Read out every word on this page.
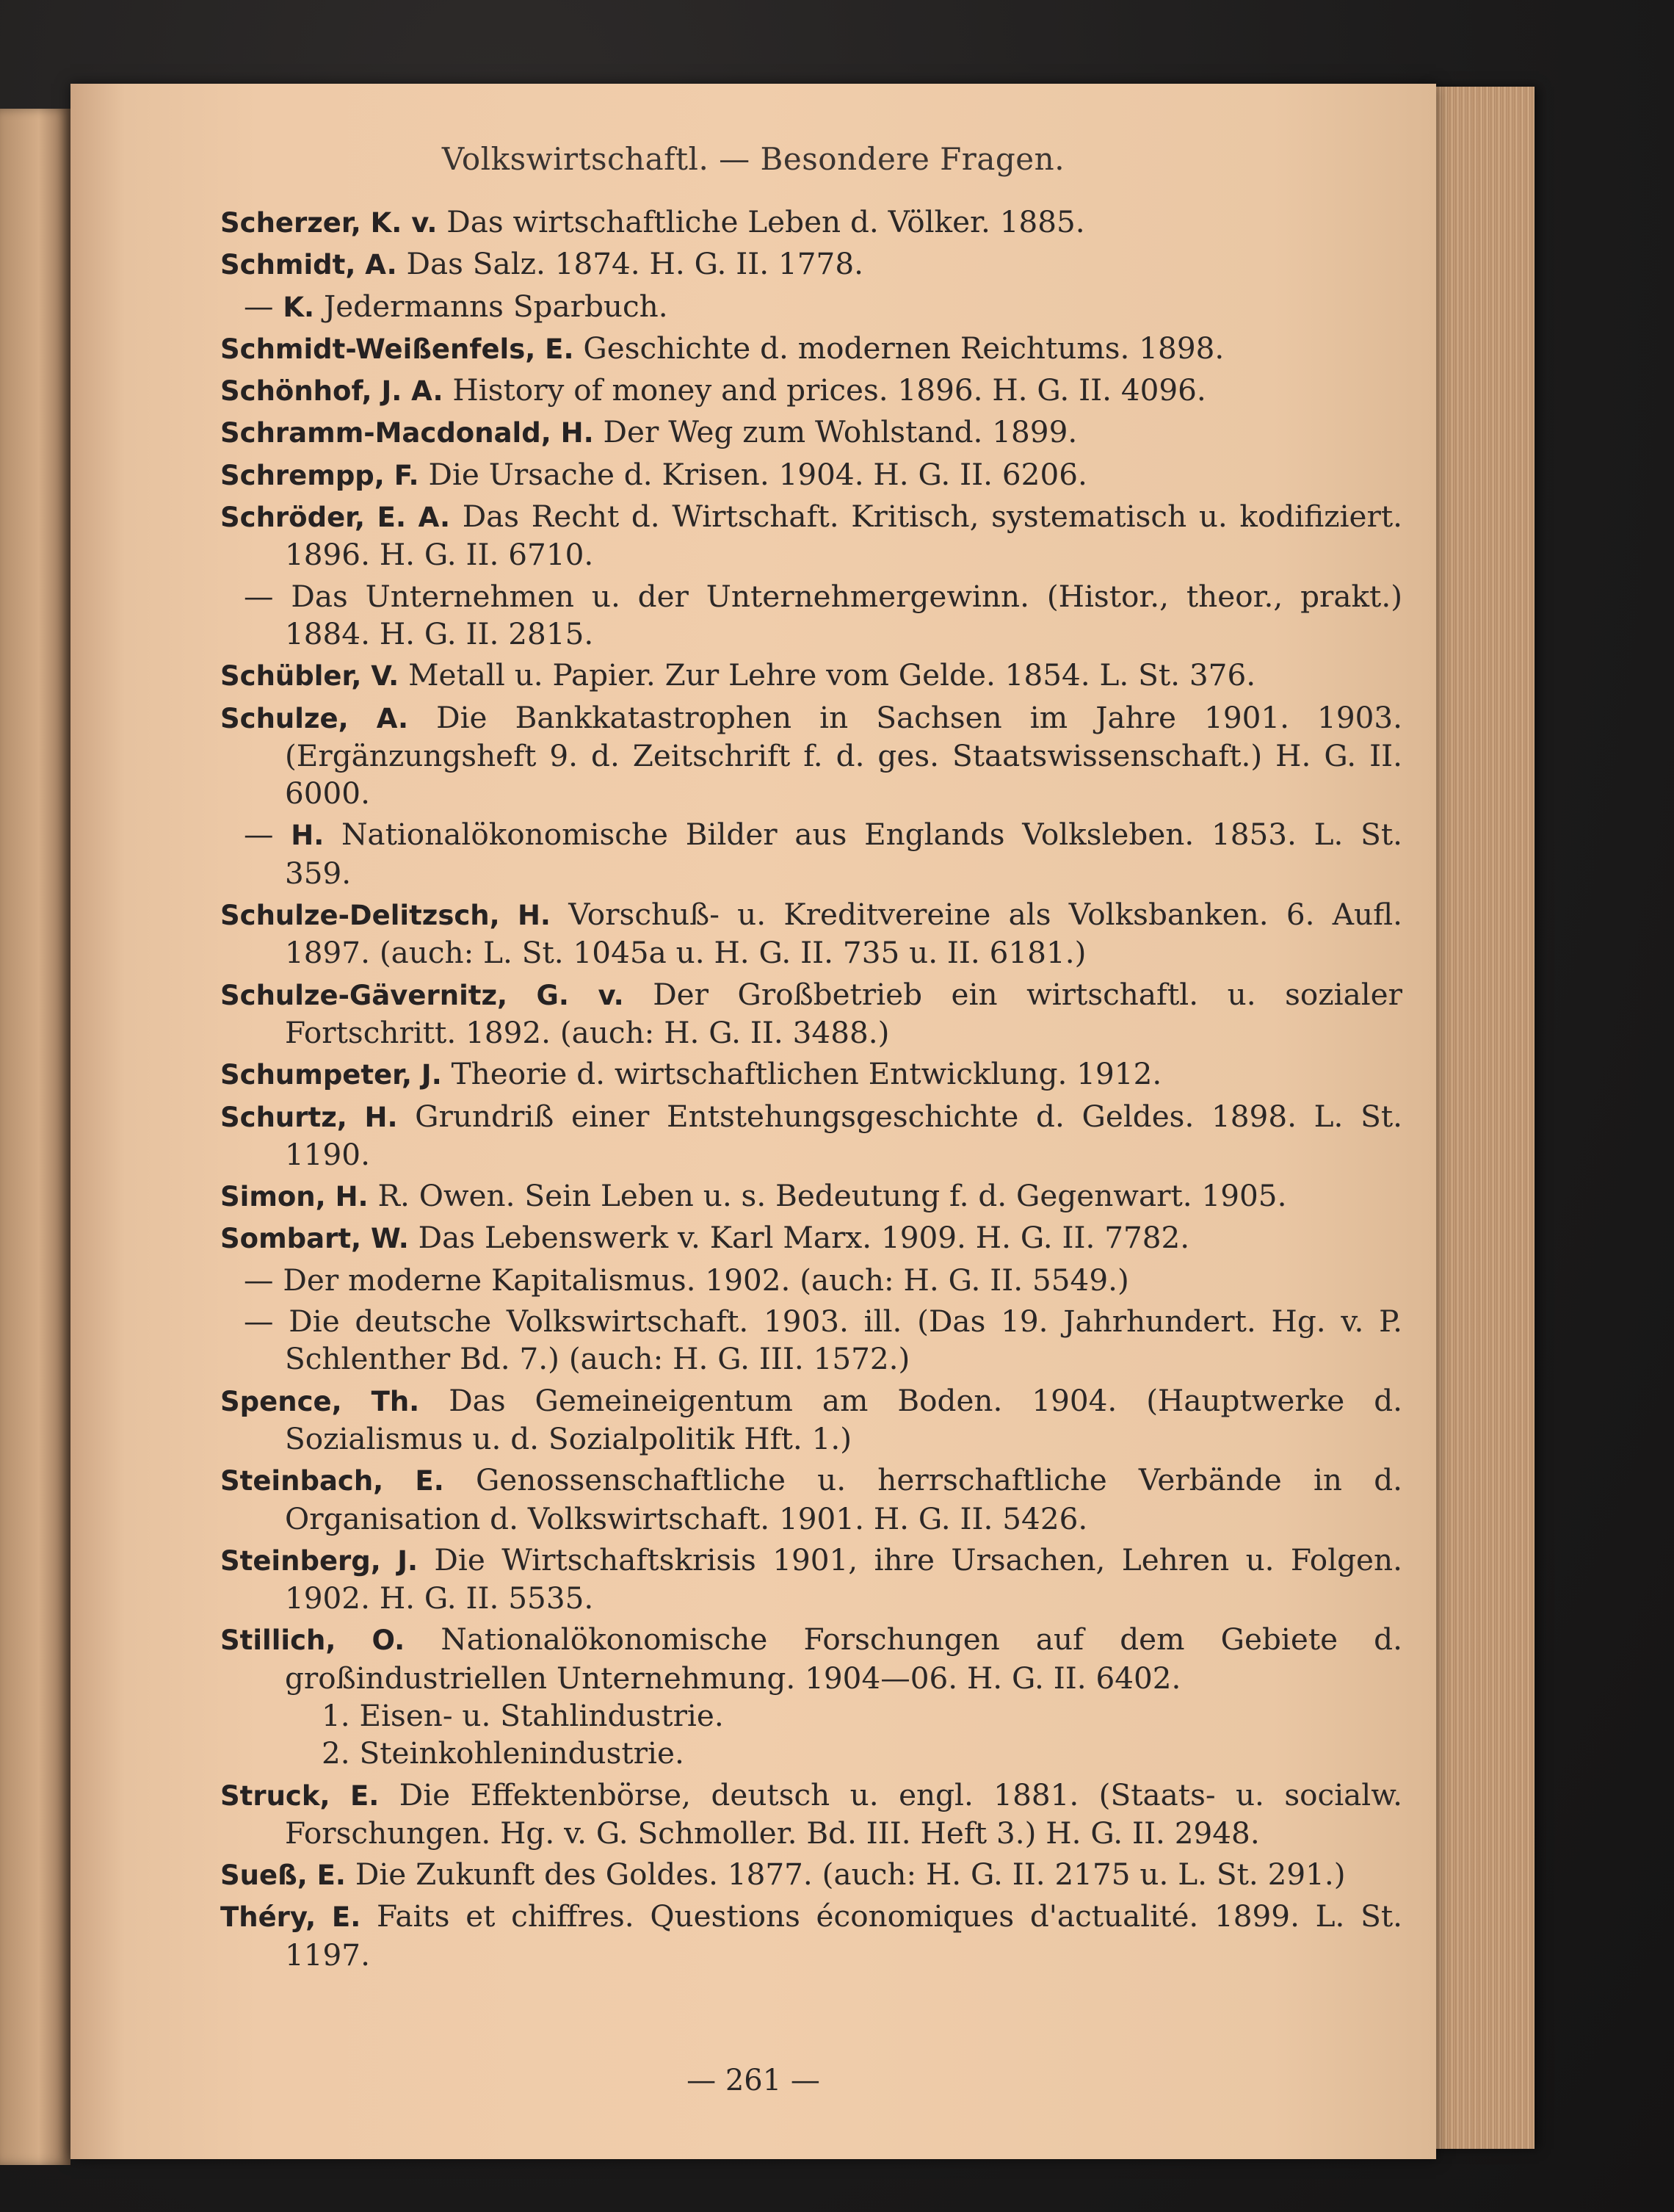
Volkswirtschaftl. — Besondere Fragen.
Scherzer, K. v. Das wirtschaftliche Leben d. Völker. 1885.
Schmidt, A. Das Salz. 1874. H. G. II. 1778.
— K. Jedermanns Sparbuch.
Schmidt-Weißenfels, E. Geschichte d. modernen Reichtums. 1898.
Schönhof, J. A. History of money and prices. 1896. H. G. II. 4096.
Schramm-Macdonald, H. Der Weg zum Wohlstand. 1899.
Schrempp, F. Die Ursache d. Krisen. 1904. H. G. II. 6206.
Schröder, E. A. Das Recht d. Wirtschaft. Kritisch, systematisch u. kodifiziert. 1896. H. G. II. 6710.
— Das Unternehmen u. der Unternehmergewinn. (Histor., theor., prakt.) 1884. H. G. II. 2815.
Schübler, V. Metall u. Papier. Zur Lehre vom Gelde. 1854. L. St. 376.
Schulze, A. Die Bankkatastrophen in Sachsen im Jahre 1901. 1903. (Ergänzungsheft 9. d. Zeitschrift f. d. ges. Staatswissenschaft.) H. G. II. 6000.
— H. Nationalökonomische Bilder aus Englands Volksleben. 1853. L. St. 359.
Schulze-Delitzsch, H. Vorschuß- u. Kreditvereine als Volksbanken. 6. Aufl. 1897. (auch: L. St. 1045a u. H. G. II. 735 u. II. 6181.)
Schulze-Gävernitz, G. v. Der Großbetrieb ein wirtschaftl. u. sozialer Fortschritt. 1892. (auch: H. G. II. 3488.)
Schumpeter, J. Theorie d. wirtschaftlichen Entwicklung. 1912.
Schurtz, H. Grundriß einer Entstehungsgeschichte d. Geldes. 1898. L. St. 1190.
Simon, H. R. Owen. Sein Leben u. s. Bedeutung f. d. Gegenwart. 1905.
Sombart, W. Das Lebenswerk v. Karl Marx. 1909. H. G. II. 7782.
— Der moderne Kapitalismus. 1902. (auch: H. G. II. 5549.)
— Die deutsche Volkswirtschaft. 1903. ill. (Das 19. Jahrhundert. Hg. v. P. Schlenther Bd. 7.) (auch: H. G. III. 1572.)
Spence, Th. Das Gemeineigentum am Boden. 1904. (Hauptwerke d. Sozialismus u. d. Sozialpolitik Hft. 1.)
Steinbach, E. Genossenschaftliche u. herrschaftliche Verbände in d. Organisation d. Volkswirtschaft. 1901. H. G. II. 5426.
Steinberg, J. Die Wirtschaftskrisis 1901, ihre Ursachen, Lehren u. Folgen. 1902. H. G. II. 5535.
Stillich, O. Nationalökonomische Forschungen auf dem Gebiete d. großindustriellen Unternehmung. 1904—06. H. G. II. 6402.
1. Eisen- u. Stahlindustrie.
2. Steinkohlenindustrie.
Struck, E. Die Effektenbörse, deutsch u. engl. 1881. (Staats- u. socialw. Forschungen. Hg. v. G. Schmoller. Bd. III. Heft 3.) H. G. II. 2948.
Sueß, E. Die Zukunft des Goldes. 1877. (auch: H. G. II. 2175 u. L. St. 291.)
Théry, E. Faits et chiffres. Questions économiques d'actualité. 1899. L. St. 1197.
— 261 —
